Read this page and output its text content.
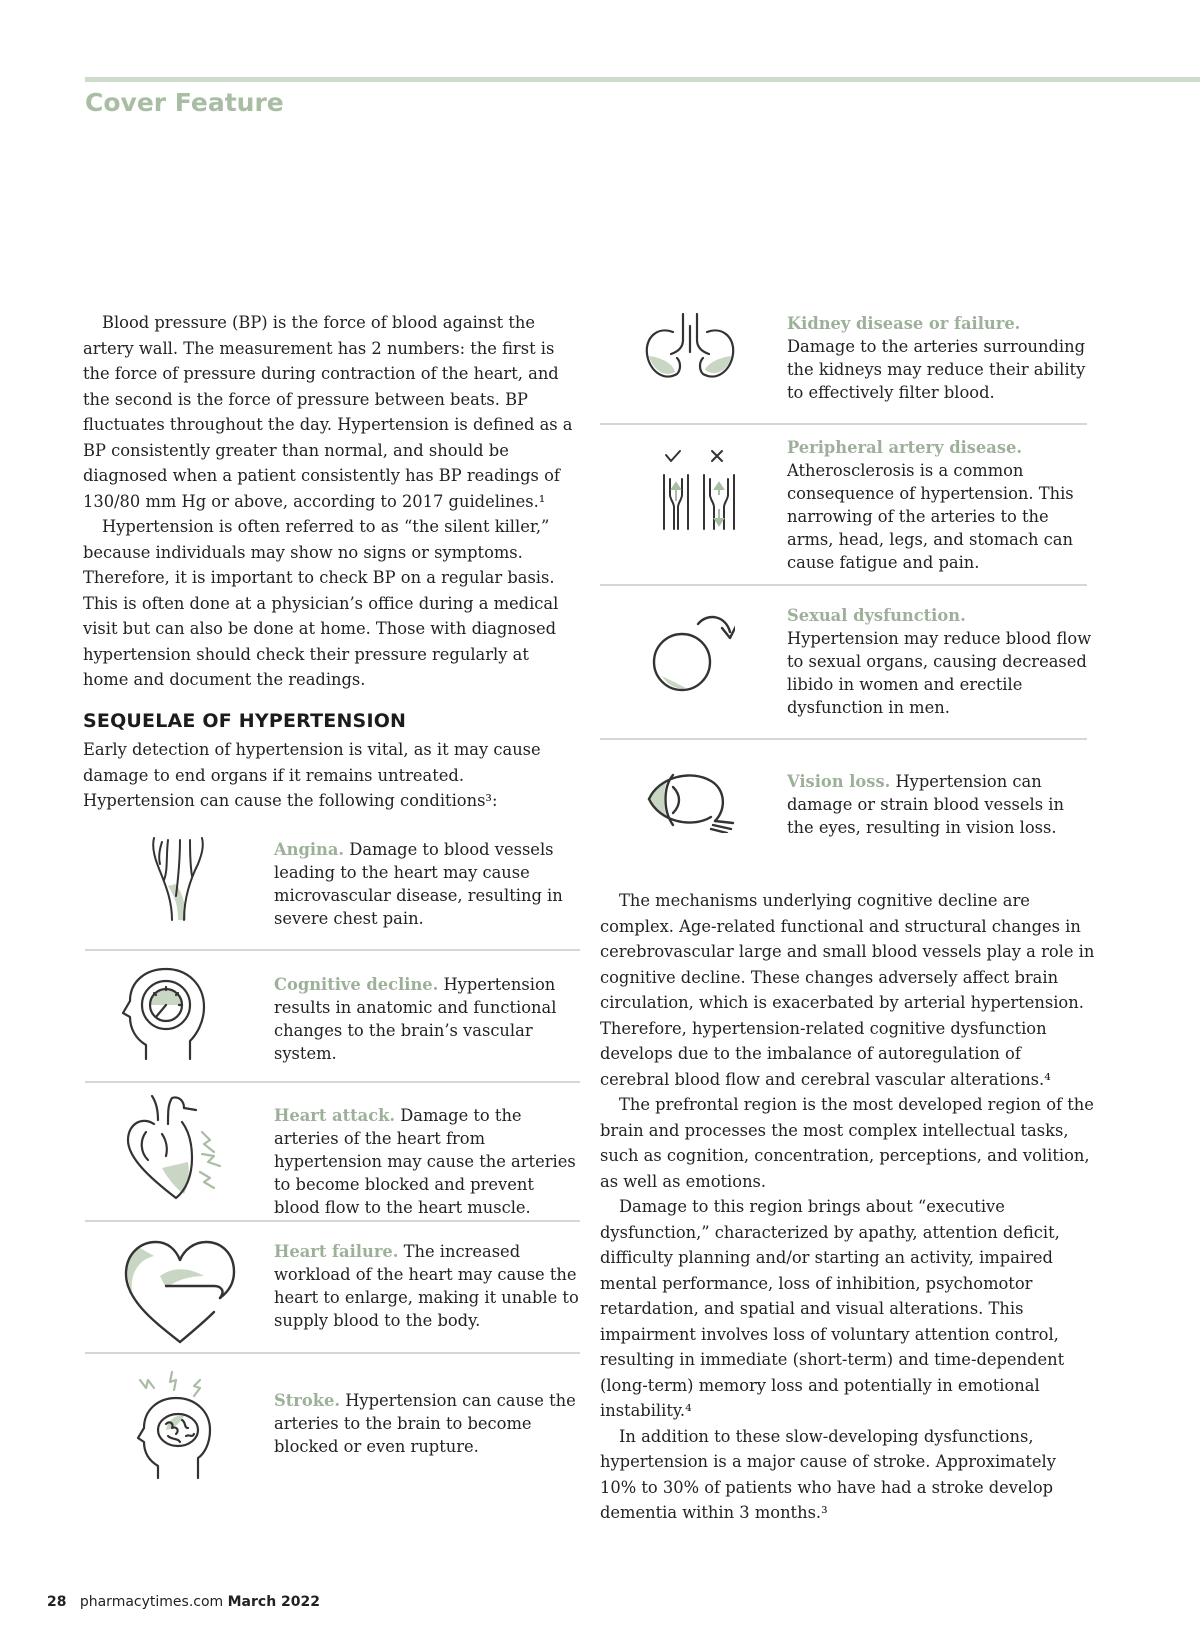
Cover Feature

Blood pressure (BP) is the force of blood against the artery wall. The measurement has 2 numbers: the first is the force of pressure during contraction of the heart, and the second is the force of pressure between beats. BP fluctuates throughout the day. Hypertension is defined as a BP consistently greater than normal, and should be diagnosed when a patient consistently has BP readings of 130/80 mm Hg or above, according to 2017 guidelines.¹

Hypertension is often referred to as “the silent killer,” because individuals may show no signs or symptoms. Therefore, it is important to check BP on a regular basis. This is often done at a physician’s office during a medical visit but can also be done at home. Those with diagnosed hypertension should check their pressure regularly at home and document the readings.

SEQUELAE OF HYPERTENSION
Early detection of hypertension is vital, as it may cause damage to end organs if it remains untreated. Hypertension can cause the following conditions³:
Angina. Damage to blood vessels leading to the heart may cause microvascular disease, resulting in severe chest pain.
Cognitive decline. Hypertension results in anatomic and functional changes to the brain’s vascular system.
Heart attack. Damage to the arteries of the heart from hypertension may cause the arteries to become blocked and prevent blood flow to the heart muscle.
Heart failure. The increased workload of the heart may cause the heart to enlarge, making it unable to supply blood to the body.
Stroke. Hypertension can cause the arteries to the brain to become blocked or even rupture.
Kidney disease or failure.
Damage to the arteries surrounding the kidneys may reduce their ability to effectively filter blood.
Peripheral artery disease.
Atherosclerosis is a common consequence of hypertension. This narrowing of the arteries to the arms, head, legs, and stomach can cause fatigue and pain.
Sexual dysfunction.
Hypertension may reduce blood flow to sexual organs, causing decreased libido in women and erectile dysfunction in men.
Vision loss. Hypertension can damage or strain blood vessels in the eyes, resulting in vision loss.

The mechanisms underlying cognitive decline are complex. Age-related functional and structural changes in cerebrovascular large and small blood vessels play a role in cognitive decline. These changes adversely affect brain circulation, which is exacerbated by arterial hypertension. Therefore, hypertension-related cognitive dysfunction develops due to the imbalance of autoregulation of cerebral blood flow and cerebral vascular alterations.⁴

The prefrontal region is the most developed region of the brain and processes the most complex intellectual tasks, such as cognition, concentration, perceptions, and volition, as well as emotions.

Damage to this region brings about “executive dysfunction,” characterized by apathy, attention deficit, difficulty planning and/or starting an activity, impaired mental performance, loss of inhibition, psychomotor retardation, and spatial and visual alterations. This impairment involves loss of voluntary attention control, resulting in immediate (short-term) and time-dependent (long-term) memory loss and potentially in emotional instability.⁴

In addition to these slow-developing dysfunctions, hypertension is a major cause of stroke. Approximately 10% to 30% of patients who have had a stroke develop dementia within 3 months.³

28 pharmacytimes.com March 2022
